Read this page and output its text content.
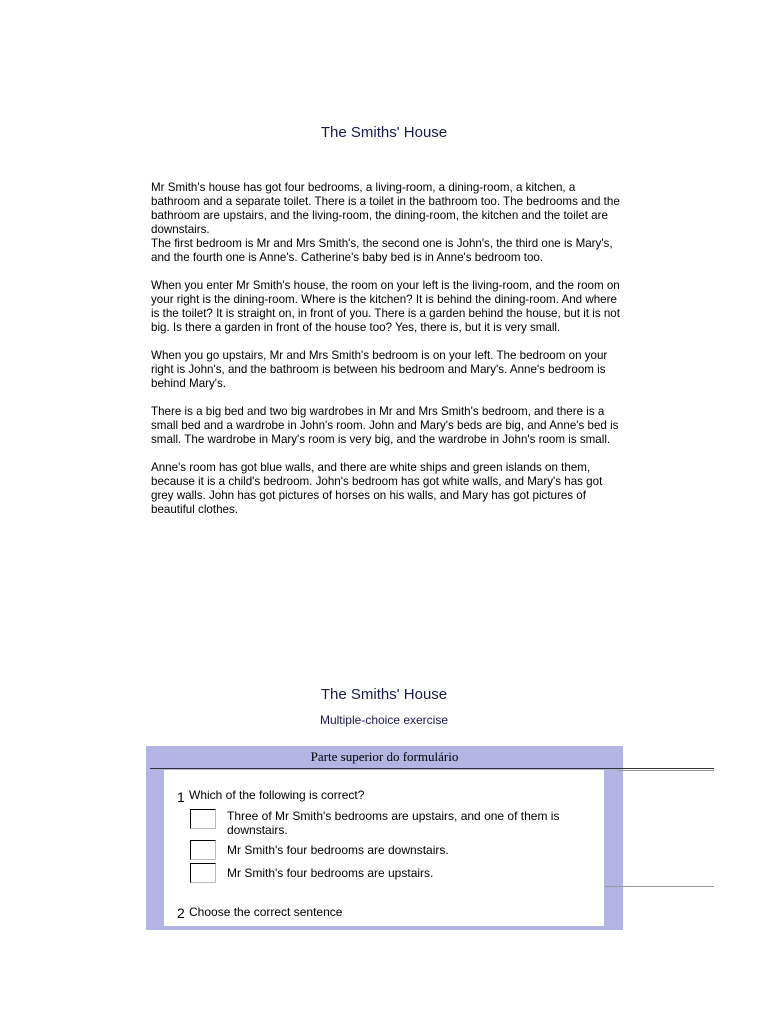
The Smiths' House

Mr Smith's house has got four bedrooms, a living-room, a dining-room, a kitchen, a bathroom and a separate toilet. There is a toilet in the bathroom too. The bedrooms and the bathroom are upstairs, and the living-room, the dining-room, the kitchen and the toilet are downstairs.

The first bedroom is Mr and Mrs Smith's, the second one is John's, the third one is Mary's, and the fourth one is Anne's. Catherine's baby bed is in Anne's bedroom too.

When you enter Mr Smith's house, the room on your left is the living-room, and the room on your right is the dining-room. Where is the kitchen? It is behind the dining-room. And where is the toilet? It is straight on, in front of you. There is a garden behind the house, but it is not big. Is there a garden in front of the house too? Yes, there is, but it is very small.

When you go upstairs, Mr and Mrs Smith's bedroom is on your left. The bedroom on your right is John's, and the bathroom is between his bedroom and Mary's. Anne's bedroom is behind Mary's.

There is a big bed and two big wardrobes in Mr and Mrs Smith's bedroom, and there is a small bed and a wardrobe in John's room. John and Mary's beds are big, and Anne's bed is small. The wardrobe in Mary's room is very big, and the wardrobe in John's room is small.

Anne's room has got blue walls, and there are white ships and green islands on them, because it is a child's bedroom. John's bedroom has got white walls, and Mary's has got grey walls. John has got pictures of horses on his walls, and Mary has got pictures of beautiful clothes.

The Smiths' House
Multiple-choice exercise
Parte superior do formulário
1 Which of the following is correct?
Three of Mr Smith's bedrooms are upstairs, and one of them is downstairs.
Mr Smith's four bedrooms are downstairs.
Mr Smith's four bedrooms are upstairs.
2 Choose the correct sentence
